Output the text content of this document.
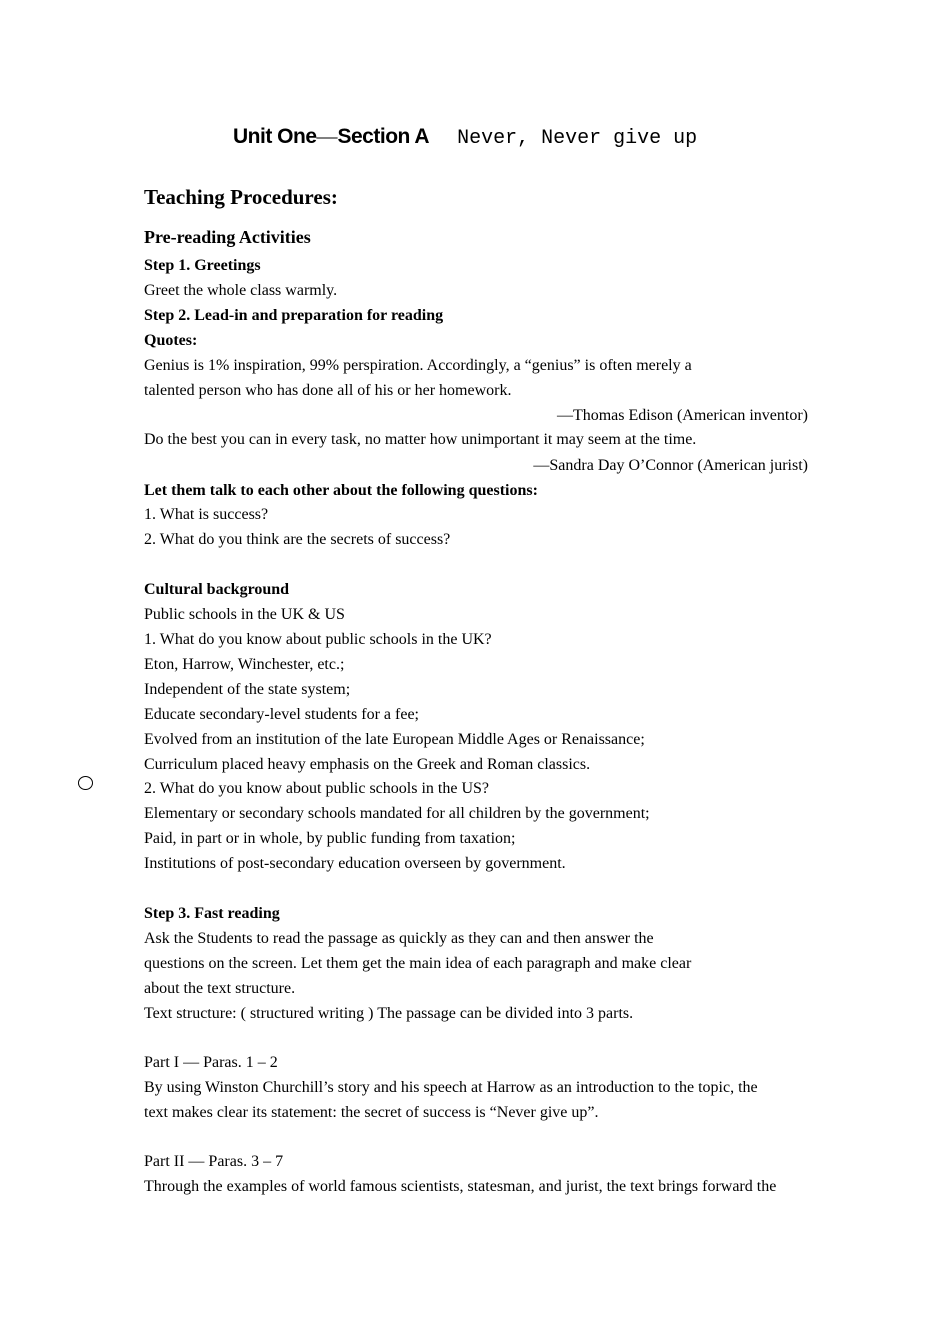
Unit One—Section A Never, Never give up
Teaching Procedures:
Pre-reading Activities
Step 1. Greetings
Greet the whole class warmly.
Step 2. Lead-in and preparation for reading
Quotes:
Genius is 1% inspiration, 99% perspiration. Accordingly, a “genius” is often merely a
talented person who has done all of his or her homework.
—Thomas Edison (American inventor)
Do the best you can in every task, no matter how unimportant it may seem at the time.
—Sandra Day O’Connor (American jurist)
Let them talk to each other about the following questions:
1. What is success?
2. What do you think are the secrets of success?
Cultural background
Public schools in the UK & US
1. What do you know about public schools in the UK?
Eton, Harrow, Winchester, etc.;
Independent of the state system;
Educate secondary-level students for a fee;
Evolved from an institution of the late European Middle Ages or Renaissance;
Curriculum placed heavy emphasis on the Greek and Roman classics.
2. What do you know about public schools in the US?
Elementary or secondary schools mandated for all children by the government;
Paid, in part or in whole, by public funding from taxation;
Institutions of post-secondary education overseen by government.
Step 3. Fast reading
Ask the Students to read the passage as quickly as they can and then answer the
questions on the screen. Let them get the main idea of each paragraph and make clear
about the text structure.
Text structure: ( structured writing ) The passage can be divided into 3 parts.
Part I — Paras. 1 – 2
By using Winston Churchill’s story and his speech at Harrow as an introduction to the topic, the
text makes clear its statement: the secret of success is “Never give up”.
Part II — Paras. 3 – 7
Through the examples of world famous scientists, statesman, and jurist, the text brings forward the
